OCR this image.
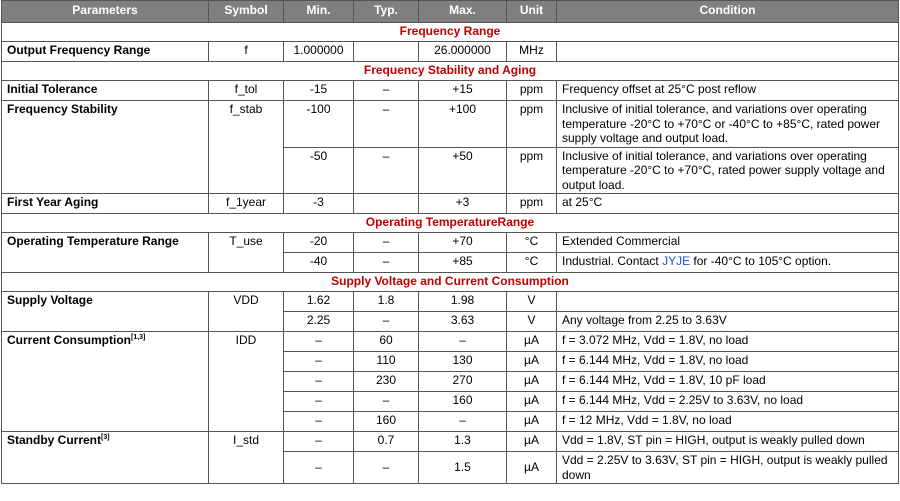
Parameters	Symbol	Min.	Typ.	Max.	Unit	Condition
Frequency Range						
Output Frequency Range	f	1.000000		26.000000	MHz	
Frequency Stability and Aging						
Initial Tolerance	f_tol	-15	–	+15	ppm	Frequency offset at 25°C post reflow
Frequency Stability	f_stab	-100	–	+100	ppm	Inclusive of initial tolerance, and variations over operating temperature -20°C to +70°C or -40°C to +85°C, rated power supply voltage and output load.
		-50	–	+50	ppm	Inclusive of initial tolerance, and variations over operating temperature -20°C to +70°C, rated power supply voltage and output load.
First Year Aging	f_1year	-3		+3	ppm	at 25°C
Operating TemperatureRange						
Operating Temperature Range	T_use	-20	–	+70	°C	Extended Commercial
		-40	–	+85	°C	Industrial. Contact JYJE for -40°C to 105°C option.
Supply Voltage and Current Consumption						
Supply Voltage	VDD	1.62	1.8	1.98	V	
		2.25	–	3.63	V	Any voltage from 2.25 to 3.63V
Current Consumption[1,3]	IDD	–	60	–	µA	f = 3.072 MHz, Vdd = 1.8V, no load
		–	110	130	µA	f = 6.144 MHz, Vdd = 1.8V, no load
		–	230	270	µA	f = 6.144 MHz, Vdd = 1.8V, 10 pF load
		–	–	160	µA	f = 6.144 MHz, Vdd = 2.25V to 3.63V, no load
		–	160	–	µA	f = 12 MHz, Vdd = 1.8V, no load
Standby Current[3]	I_std	–	0.7	1.3	µA	Vdd = 1.8V, ST pin = HIGH, output is weakly pulled down
		–	–	1.5	µA	Vdd = 2.25V to 3.63V, ST pin = HIGH, output is weakly pulled down
